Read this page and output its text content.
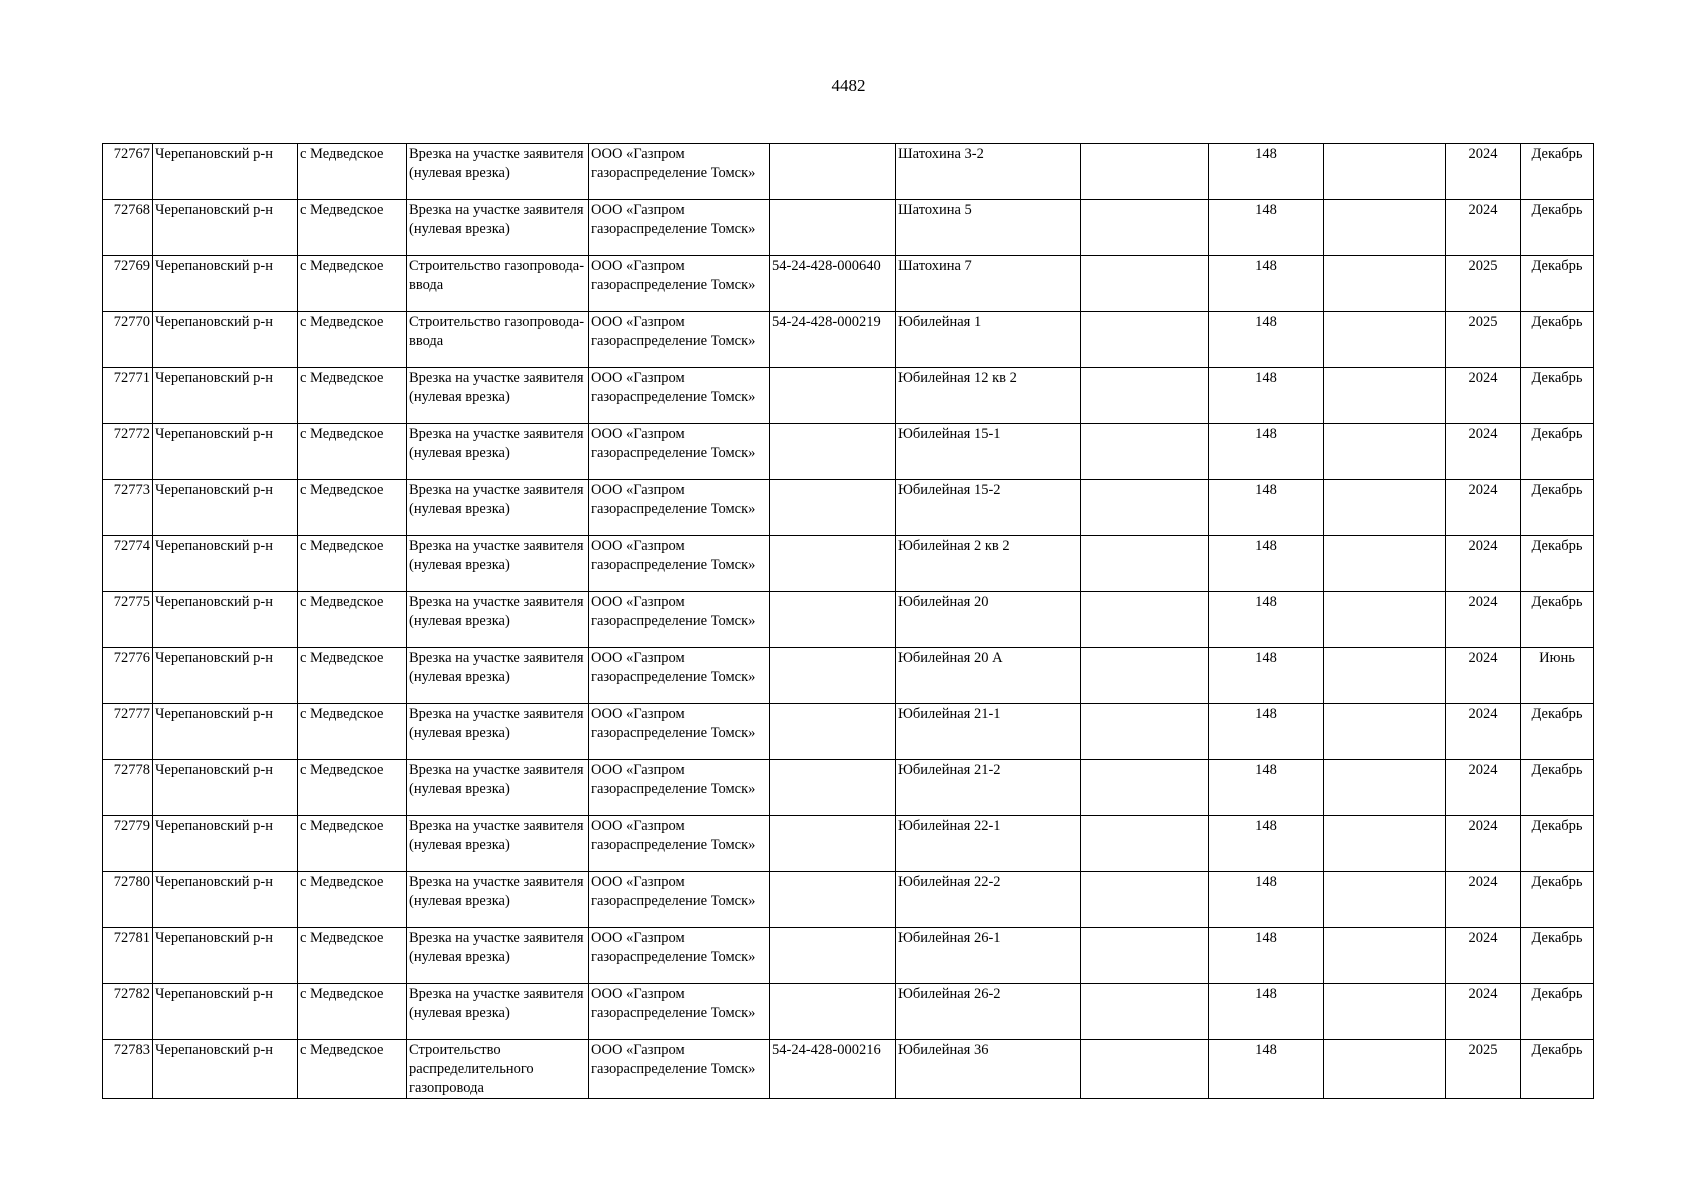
4482
72767	Черепановский р-н	с Медведское	Врезка на участке заявителя (нулевая врезка)	ООО «Газпром газораспределение Томск»		Шатохина 3-2		148		2024	Декабрь
72768	Черепановский р-н	с Медведское	Врезка на участке заявителя (нулевая врезка)	ООО «Газпром газораспределение Томск»		Шатохина 5		148		2024	Декабрь
72769	Черепановский р-н	с Медведское	Строительство газопровода-ввода	ООО «Газпром газораспределение Томск»	54-24-428-000640	Шатохина 7		148		2025	Декабрь
72770	Черепановский р-н	с Медведское	Строительство газопровода-ввода	ООО «Газпром газораспределение Томск»	54-24-428-000219	Юбилейная 1		148		2025	Декабрь
72771	Черепановский р-н	с Медведское	Врезка на участке заявителя (нулевая врезка)	ООО «Газпром газораспределение Томск»		Юбилейная 12 кв 2		148		2024	Декабрь
72772	Черепановский р-н	с Медведское	Врезка на участке заявителя (нулевая врезка)	ООО «Газпром газораспределение Томск»		Юбилейная 15-1		148		2024	Декабрь
72773	Черепановский р-н	с Медведское	Врезка на участке заявителя (нулевая врезка)	ООО «Газпром газораспределение Томск»		Юбилейная 15-2		148		2024	Декабрь
72774	Черепановский р-н	с Медведское	Врезка на участке заявителя (нулевая врезка)	ООО «Газпром газораспределение Томск»		Юбилейная 2 кв 2		148		2024	Декабрь
72775	Черепановский р-н	с Медведское	Врезка на участке заявителя (нулевая врезка)	ООО «Газпром газораспределение Томск»		Юбилейная 20		148		2024	Декабрь
72776	Черепановский р-н	с Медведское	Врезка на участке заявителя (нулевая врезка)	ООО «Газпром газораспределение Томск»		Юбилейная 20 А		148		2024	Июнь
72777	Черепановский р-н	с Медведское	Врезка на участке заявителя (нулевая врезка)	ООО «Газпром газораспределение Томск»		Юбилейная 21-1		148		2024	Декабрь
72778	Черепановский р-н	с Медведское	Врезка на участке заявителя (нулевая врезка)	ООО «Газпром газораспределение Томск»		Юбилейная 21-2		148		2024	Декабрь
72779	Черепановский р-н	с Медведское	Врезка на участке заявителя (нулевая врезка)	ООО «Газпром газораспределение Томск»		Юбилейная 22-1		148		2024	Декабрь
72780	Черепановский р-н	с Медведское	Врезка на участке заявителя (нулевая врезка)	ООО «Газпром газораспределение Томск»		Юбилейная 22-2		148		2024	Декабрь
72781	Черепановский р-н	с Медведское	Врезка на участке заявителя (нулевая врезка)	ООО «Газпром газораспределение Томск»		Юбилейная 26-1		148		2024	Декабрь
72782	Черепановский р-н	с Медведское	Врезка на участке заявителя (нулевая врезка)	ООО «Газпром газораспределение Томск»		Юбилейная 26-2		148		2024	Декабрь
72783	Черепановский р-н	с Медведское	Строительство распределительного газопровода	ООО «Газпром газораспределение Томск»	54-24-428-000216	Юбилейная 36		148		2025	Декабрь
